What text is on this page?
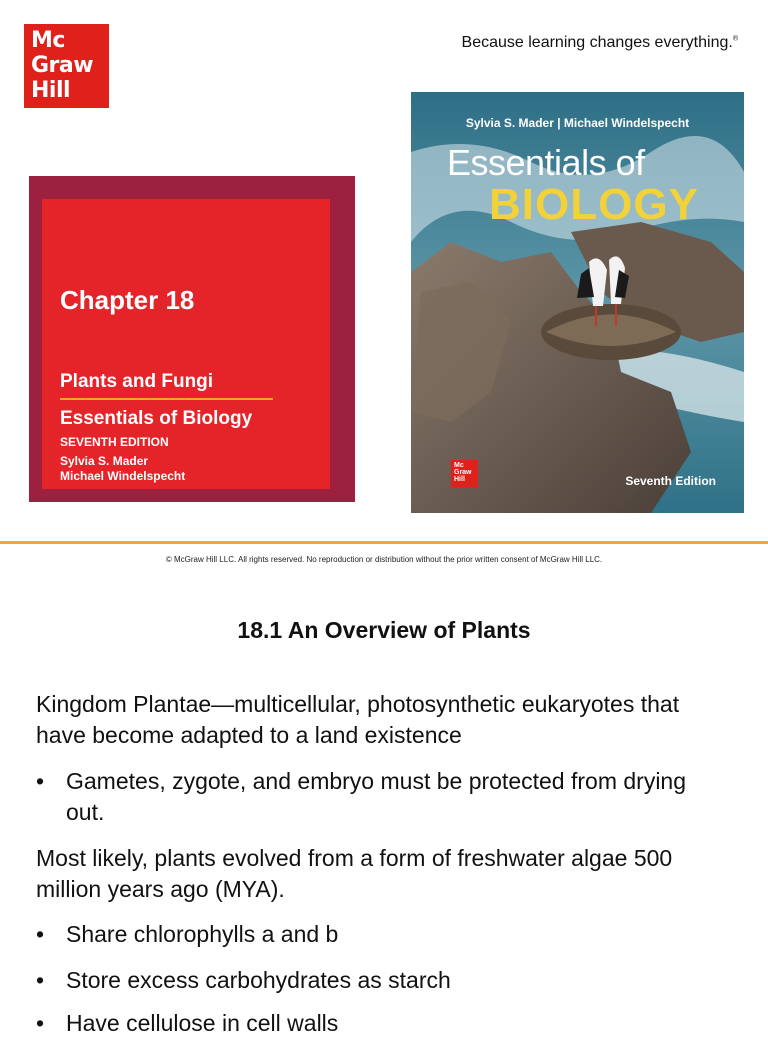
Mc
Graw
Hill
Because learning changes everything.®
Chapter 18
Plants and Fungi
Essentials of Biology
SEVENTH EDITION
Sylvia S. Mader
Michael Windelspecht
Sylvia S. Mader | Michael Windelspecht
Essentials of
BIOLOGY
Mc
Graw
Hill	Seventh Edition
© McGraw Hill LLC. All rights reserved. No reproduction or distribution without the prior written consent of McGraw Hill LLC.
18.1 An Overview of Plants
Kingdom Plantae—multicellular, photosynthetic eukaryotes that have become adapted to a land existence
• Gametes, zygote, and embryo must be protected from drying out.
Most likely, plants evolved from a form of freshwater algae 500 million years ago (MYA).
• Share chlorophylls a and b
• Store excess carbohydrates as starch
• Have cellulose in cell walls
